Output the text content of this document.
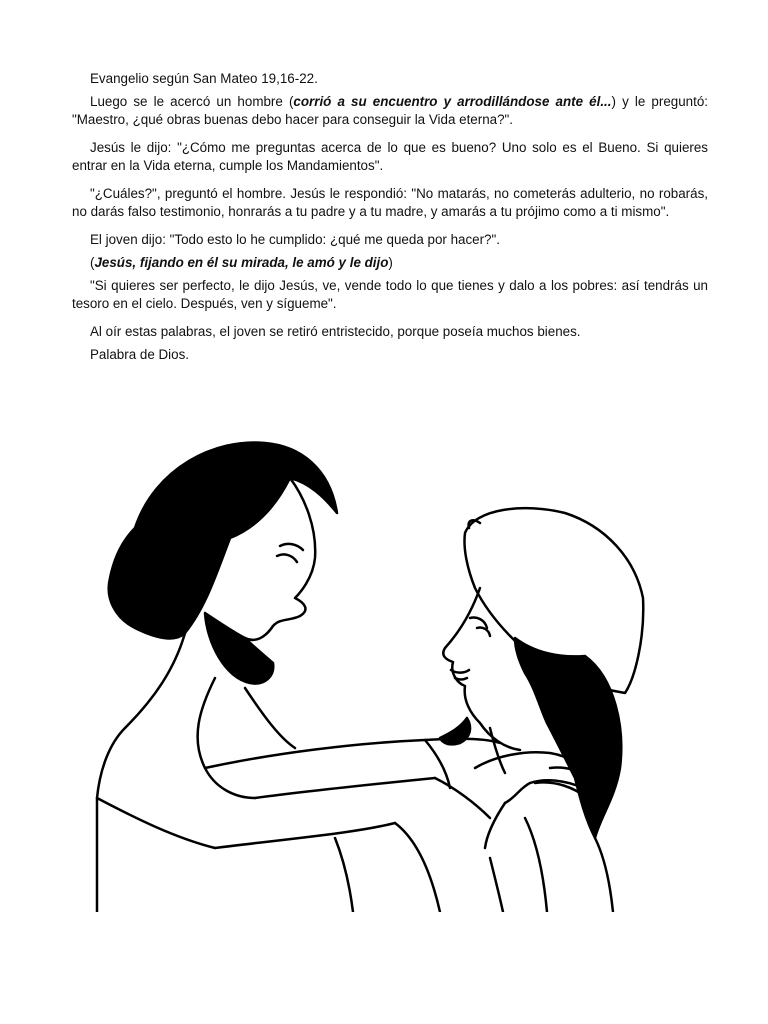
Evangelio según San Mateo 19,16-22.

Luego se le acercó un hombre (corrió a su encuentro y arrodillándose ante él...) y le preguntó: "Maestro, ¿qué obras buenas debo hacer para conseguir la Vida eterna?".

Jesús le dijo: "¿Cómo me preguntas acerca de lo que es bueno? Uno solo es el Bueno. Si quieres entrar en la Vida eterna, cumple los Mandamientos".

"¿Cuáles?", preguntó el hombre. Jesús le respondió: "No matarás, no cometerás adulterio, no robarás, no darás falso testimonio, honrarás a tu padre y a tu madre, y amarás a tu prójimo como a ti mismo".

El joven dijo: "Todo esto lo he cumplido: ¿qué me queda por hacer?".

(Jesús, fijando en él su mirada, le amó y le dijo)

"Si quieres ser perfecto, le dijo Jesús, ve, vende todo lo que tienes y dalo a los pobres: así tendrás un tesoro en el cielo. Después, ven y sígueme".

Al oír estas palabras, el joven se retiró entristecido, porque poseía muchos bienes.

Palabra de Dios.
